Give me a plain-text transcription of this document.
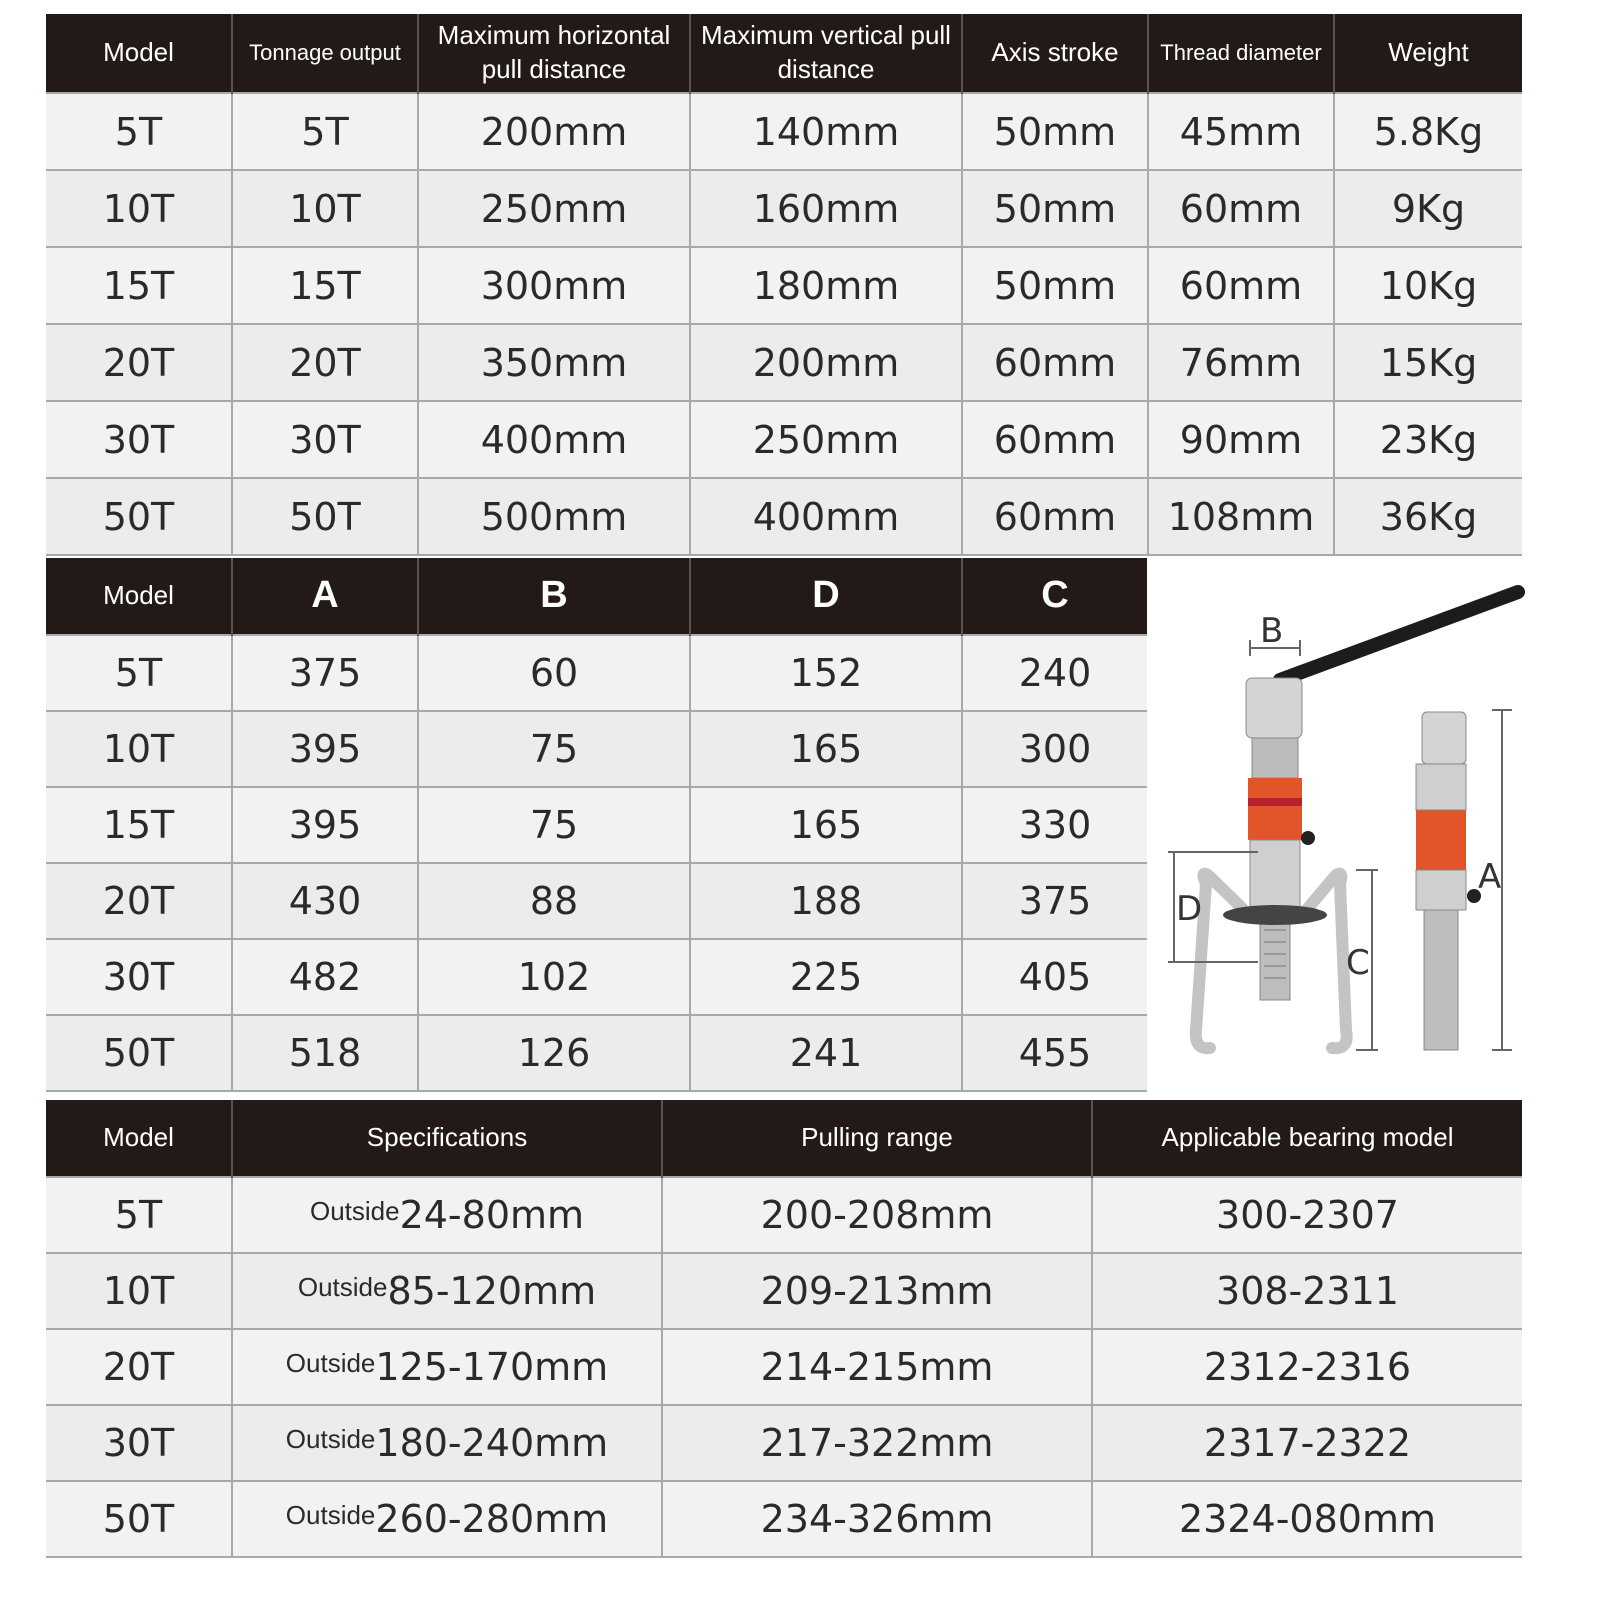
Model	Tonnage output	Maximum horizontal pull distance	Maximum vertical pull distance	Axis stroke	Thread diameter	Weight
5T	5T	200mm	140mm	50mm	45mm	5.8Kg
10T	10T	250mm	160mm	50mm	60mm	9Kg
15T	15T	300mm	180mm	50mm	60mm	10Kg
20T	20T	350mm	200mm	60mm	76mm	15Kg
30T	30T	400mm	250mm	60mm	90mm	23Kg
50T	50T	500mm	400mm	60mm	108mm	36Kg
Model	A	B	D	C
5T	375	60	152	240
10T	395	75	165	300
15T	395	75	165	330
20T	430	88	188	375
30T	482	102	225	405
50T	518	126	241	455
B
D
C
A
Model	Specifications	Pulling range	Applicable bearing model
5T	$^{Outside}$24-80mm	200-208mm	300-2307
10T	$^{Outside}$85-120mm	209-213mm	308-2311
20T	$^{Outside}$125-170mm	214-215mm	2312-2316
30T	$^{Outside}$180-240mm	217-322mm	2317-2322
50T	$^{Outside}$260-280mm	234-326mm	2324-080mm
